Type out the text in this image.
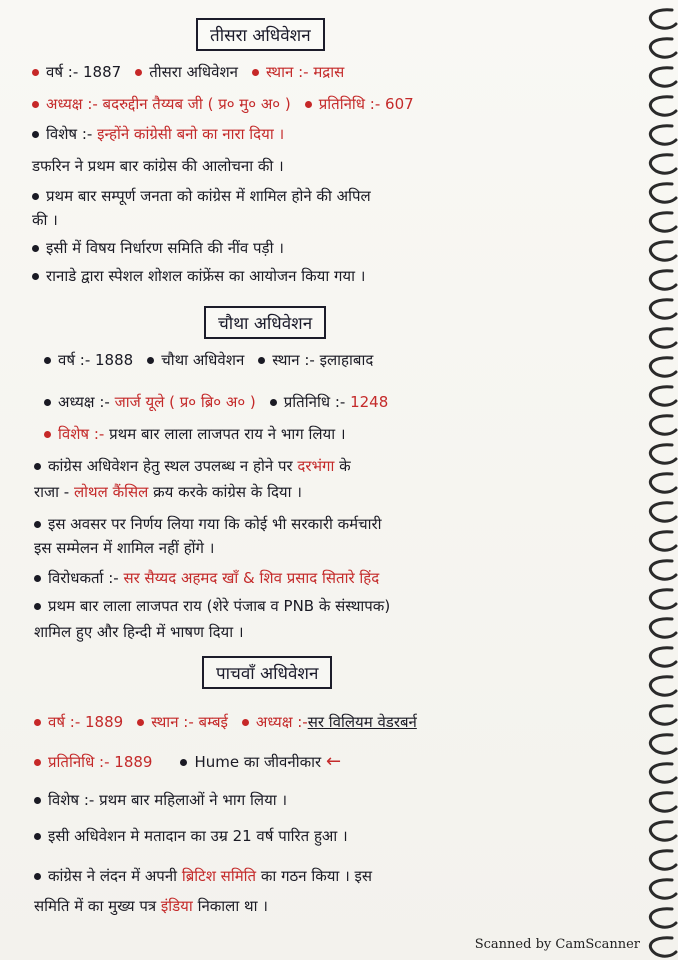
तीसरा अधिवेशन
वर्ष :- 1887 तीसरा अधिवेशन स्थान :- मद्रास
अध्यक्ष :- बदरुद्दीन तैय्यब जी ( प्र० मु० अ० ) प्रतिनिधि :- 607
विशेष :- इन्होंने कांग्रेसी बनो का नारा दिया ।
डफरिन ने प्रथम बार कांग्रेस की आलोचना की ।
प्रथम बार सम्पूर्ण जनता को कांग्रेस में शामिल होने की अपिल
की ।
इसी में विषय निर्धारण समिति की नींव पड़ी ।
रानाडे द्वारा स्पेशल शोशल कांफ्रेंस का आयोजन किया गया ।
चौथा अधिवेशन
वर्ष :- 1888 चौथा अधिवेशन स्थान :- इलाहाबाद
अध्यक्ष :- जार्ज यूले ( प्र० ब्रि० अ० ) प्रतिनिधि :- 1248
विशेष :- प्रथम बार लाला लाजपत राय ने भाग लिया ।
कांग्रेस अधिवेशन हेतु स्थल उपलब्ध न होने पर दरभंगा के
राजा - लोथल कैंसिल क्रय करके कांग्रेस के दिया ।
इस अवसर पर निर्णय लिया गया कि कोई भी सरकारी कर्मचारी
इस सम्मेलन में शामिल नहीं होंगे ।
विरोधकर्ता :- सर सैय्यद अहमद खाँ & शिव प्रसाद सितारे हिंद
प्रथम बार लाला लाजपत राय (शेरे पंजाब व PNB के संस्थापक)
शामिल हुए और हिन्दी में भाषण दिया ।
पाचवाँ अधिवेशन
वर्ष :- 1889 स्थान :- बम्बई अध्यक्ष :-सर विलियम वेडरबर्न
प्रतिनिधि :- 1889	Hume का जीवनीकार ←
विशेष :- प्रथम बार महिलाओं ने भाग लिया ।
इसी अधिवेशन मे मतादान का उम्र 21 वर्ष पारित हुआ ।
कांग्रेस ने लंदन में अपनी ब्रिटिश समिति का गठन किया । इस
समिति में का मुख्य पत्र इंडिया निकाला था ।
Scanned by CamScanner
